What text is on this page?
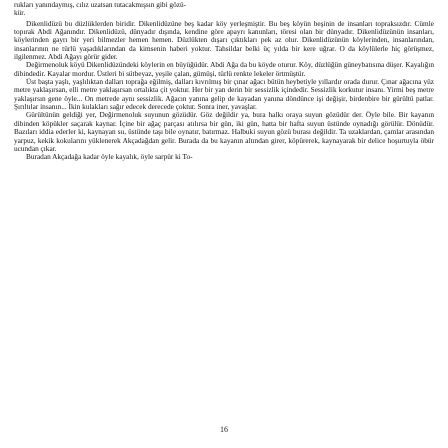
rukları yanındaymış, cılız uzatsan tutacakmışsın gibi gözü-
kür.

Dikenlidüzü bu düzlüklerden biridir. Dikenlidüzüne beş kadar köy yerleşmiştir. Bu beş köyün beşinin de insanları topraksızdır. Cümle topırak Abdi Ağanındır. Dikenlidüzü, dünyadır dışında, kendine göre apayrı kanunları, töresi olan bir dünyadır. Dikenlidüzünün insanları, köylerinden gayrı bir yeri bilmezler hemen hemen. Düzlükten dışarı çıktıkları pek az olur. Dikenlidüzünün köylerinden, insanlarından, insanlarının ne türlü yaşadıklarından da kimsenin haberi yoktur. Tahsildar belki üç yılda bir kere uğrar. O da köylülerle hiç görüşmez, ilgilenmez. Abdi Ağayı görür gider.

Değirmenoluk köyü Dikenlidüzündeki köylerin en büyüğüdür. Abdi Ağa da bu köyde oturur. Köy, düzlüğün güneybatısına düşer. Kayalığın dibindedir. Kayalar mordur. Üstleri bi sütbeyaz, yeşile çalan, gümüşi, türlü renkte lekeler örtmüştür.

Üst başta yaşlı, yaşlılıktan dalları toprağa eğilmiş, dalları kıvrılmış bir çınar ağacı bütün heybetiyle yıllardır orada durur. Çınar ağacına yüz metre yaklaşırsan, elli metre yaklaşırsan ortalıkta çit yoktur. Her bir yan derin bir sessizlik içindedir. Sessizlik korkutur insanı. Yirmi beş metre yaklaşırsın gene öyle... On metrede aynı sessizlik. Ağacın yanına gelip de kayadan yanına döndünce işi değişir, birdenbire bir gürültü patlar. Şırıltılar insanın... İkin kulakları sağır edecek derecede çoktur. Sonra iner, yavaşlar.

Gürültünün geldiği yer, Değirmenoluk suyunun gözüdür. Göz değildir ya, bura halkı oraya suyun gözüdür der. Öyle bile. Bir kayanın dibinden köpükler saçarak kaynar. İçine bir ağaç parçası atılırsa bir gün, iki gün, hatta bir hafta suyun üstünde oynadığı görülür. Dönüdür. Bazıları iddia ederler ki, kaynayan su, üstünde taşı bile oynatır, batırmaz. Halbuki suyun gözü burası değildir. Ta uzaklardan, çamlar arasından yarpuz, kekik kokularını yüklenerek Akçadağdan gelir. Burada da bu kayanın altından girer, köpürerek, kaynayarak bir delice hoşurtuyla öbür ucundan çıkar.

Buradan Akçadağa kadar öyle kayalık, öyle sarpür ki To-

16
